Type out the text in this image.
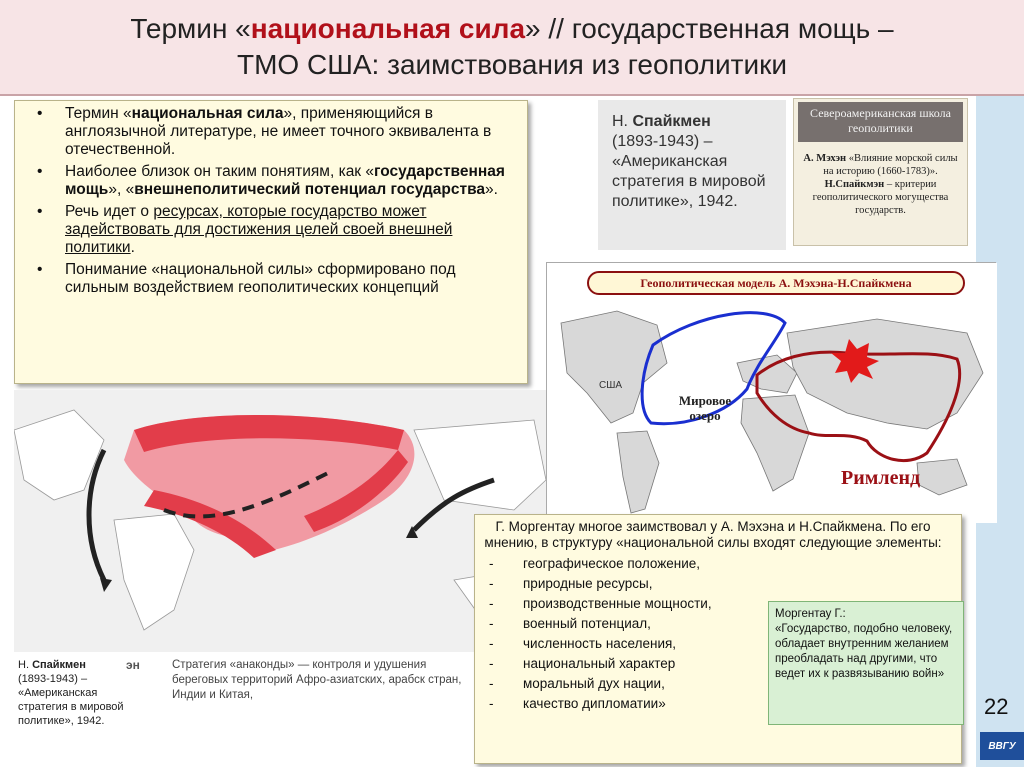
Термин «национальная сила» // государственная мощь –
ТМО США: заимствования из геополитики
• Термин «национальная сила», применяющийся в англоязычной литературе, не имеет точного эквивалента в отечественной.
• Наиболее близок он таким понятиям, как «государственная мощь», «внешнеполитический потенциал государства».
• Речь идет о ресурсах, которые государство может задействовать для достижения целей своей внешней политики.
• Понимание «национальной силы» сформировано под сильным воздействием геополитических концепций
Н. Спайкмен
(1893-1943) –
«Американская стратегия в мировой политике», 1942.
Североамериканская школа геополитики
А. Мэхэн «Влияние морской силы на историю (1660-1783)».
Н.Спайкмэн – критерии геополитического могущества государств.
Геополитическая модель А. Мэхэна-Н.Спайкмена
США
Мировое озеро
Римленд
Н. Спайкмен
(1893-1943) –
«Американская стратегия в мировой политике», 1942.
эн	Стратегия «анаконды» — контроля и удушения береговых территорий Афро-азиатских, арабск стран, Индии и Китая,
Г. Моргентау многое заимствовал у А. Мэхэна и Н.Спайкмена. По его мнению, в структуру «национальной силы входят следующие элементы:
- географическое положение,
- природные ресурсы,
- производственные мощности,
- военный потенциал,
- численность населения,
- национальный характер
- моральный дух нации,
- качество дипломатии»
Моргентау Г.:
«Государство, подобно человеку, обладает внутренним желанием преобладать над другими, что ведет их к развязыванию войн»
22
ВВГУ
